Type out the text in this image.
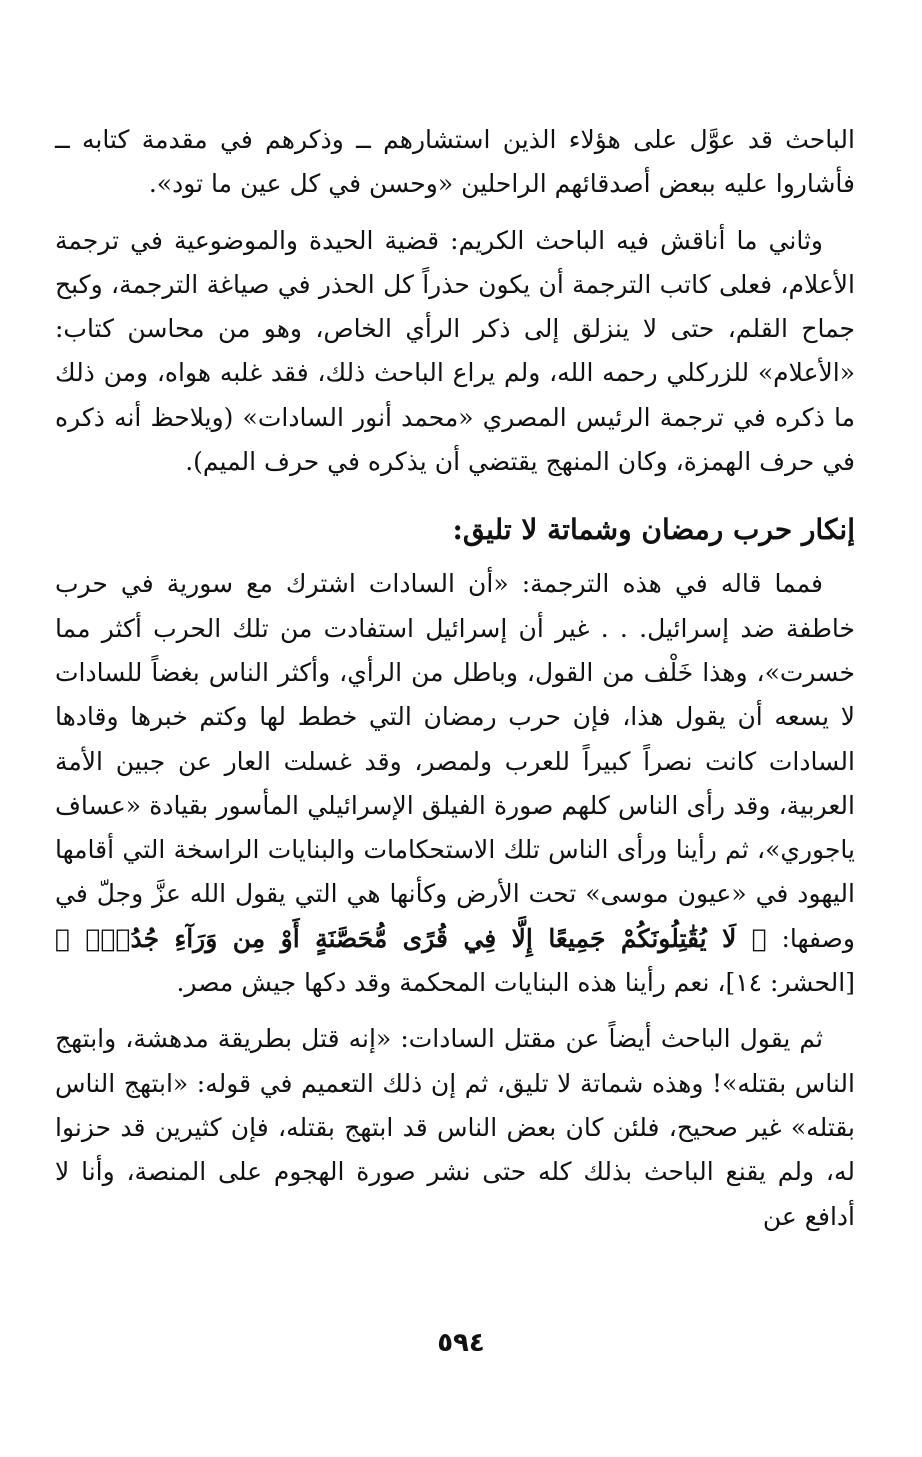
الباحث قد عوَّل على هؤلاء الذين استشارهم ــ وذكرهم في مقدمة كتابه ــ فأشاروا عليه ببعض أصدقائهم الراحلين «وحسن في كل عين ما تود».

وثاني ما أناقش فيه الباحث الكريم: قضية الحيدة والموضوعية في ترجمة الأعلام، فعلى كاتب الترجمة أن يكون حذراً كل الحذر في صياغة الترجمة، وكبح جماح القلم، حتى لا ينزلق إلى ذكر الرأي الخاص، وهو من محاسن كتاب: «الأعلام» للزركلي رحمه الله، ولم يراع الباحث ذلك، فقد غلبه هواه، ومن ذلك ما ذكره في ترجمة الرئيس المصري «محمد أنور السادات» (ويلاحظ أنه ذكره في حرف الهمزة، وكان المنهج يقتضي أن يذكره في حرف الميم).

إنكار حرب رمضان وشماتة لا تليق:

فمما قاله في هذه الترجمة: «أن السادات اشترك مع سورية في حرب خاطفة ضد إسرائيل. . . غير أن إسرائيل استفادت من تلك الحرب أكثر مما خسرت»، وهذا خَلْف من القول، وباطل من الرأي، وأكثر الناس بغضاً للسادات لا يسعه أن يقول هذا، فإن حرب رمضان التي خطط لها وكتم خبرها وقادها السادات كانت نصراً كبيراً للعرب ولمصر، وقد غسلت العار عن جبين الأمة العربية، وقد رأى الناس كلهم صورة الفيلق الإسرائيلي المأسور بقيادة «عساف ياجوري»، ثم رأينا ورأى الناس تلك الاستحكامات والبنايات الراسخة التي أقامها اليهود في «عيون موسى» تحت الأرض وكأنها هي التي يقول الله عزَّ وجلّ في وصفها: ﴿ لَا يُقَٰتِلُونَكُمْ جَمِيعًا إِلَّا فِي قُرًى مُّحَصَّنَةٍ أَوْ مِن وَرَآءِ جُدُرٍۭ ﴾ [الحشر: ١٤]، نعم رأينا هذه البنايات المحكمة وقد دكها جيش مصر.

ثم يقول الباحث أيضاً عن مقتل السادات: «إنه قتل بطريقة مدهشة، وابتهج الناس بقتله»! وهذه شماتة لا تليق، ثم إن ذلك التعميم في قوله: «ابتهج الناس بقتله» غير صحيح، فلئن كان بعض الناس قد ابتهج بقتله، فإن كثيرين قد حزنوا له، ولم يقنع الباحث بذلك كله حتى نشر صورة الهجوم على المنصة، وأنا لا أدافع عن

٥٩٤
